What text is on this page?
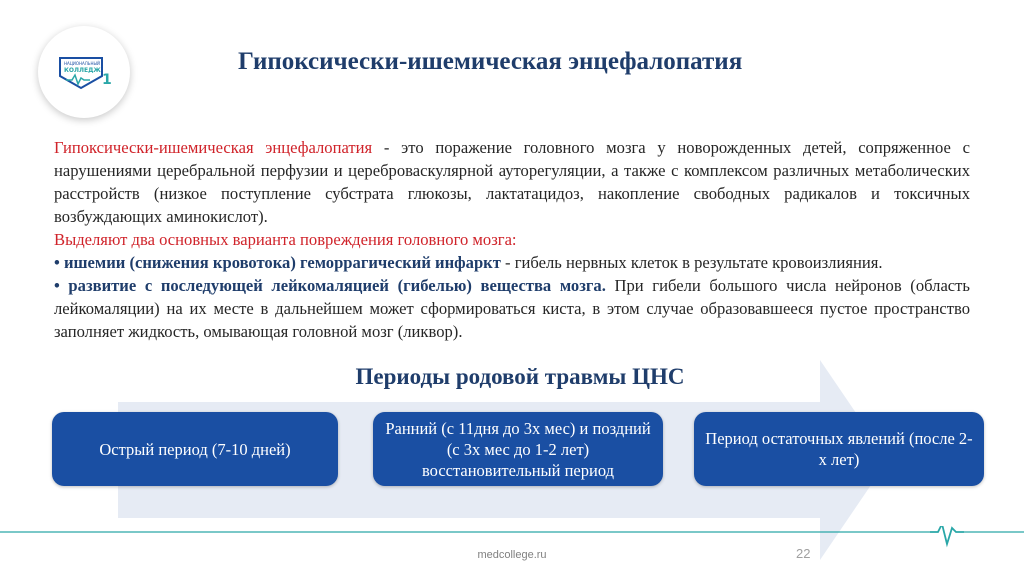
НАЦИОНАЛЬНЫЙ
КОЛЛЕДЖ
1
Гипоксически-ишемическая энцефалопатия

Гипоксически-ишемическая энцефалопатия - это поражение головного мозга у новорожденных детей, сопряженное с нарушениями церебральной перфузии и цереброваскулярной ауторегуляции, а также с комплексом различных метаболических расстройств (низкое поступление субстрата глюкозы, лактатацидоз, накопление свободных радикалов и токсичных возбуждающих аминокислот).

Выделяют два основных варианта повреждения головного мозга:

• ишемии (снижения кровотока) геморрагический инфаркт - гибель нервных клеток в результате кровоизлияния.

• развитие с последующей лейкомаляцией (гибелью) вещества мозга. При гибели большого числа нейронов (область лейкомаляции) на их месте в дальнейшем может сформироваться киста, в этом случае образовавшееся пустое пространство заполняет жидкость, омывающая головной мозг (ликвор).

Периоды родовой травмы ЦНС
Острый период (7-10 дней)
Ранний (с 11дня до 3х мес) и поздний (с 3х мес до 1-2 лет) восстановительный период
Период остаточных явлений (после 2-х лет)
medcollege.ru	22
